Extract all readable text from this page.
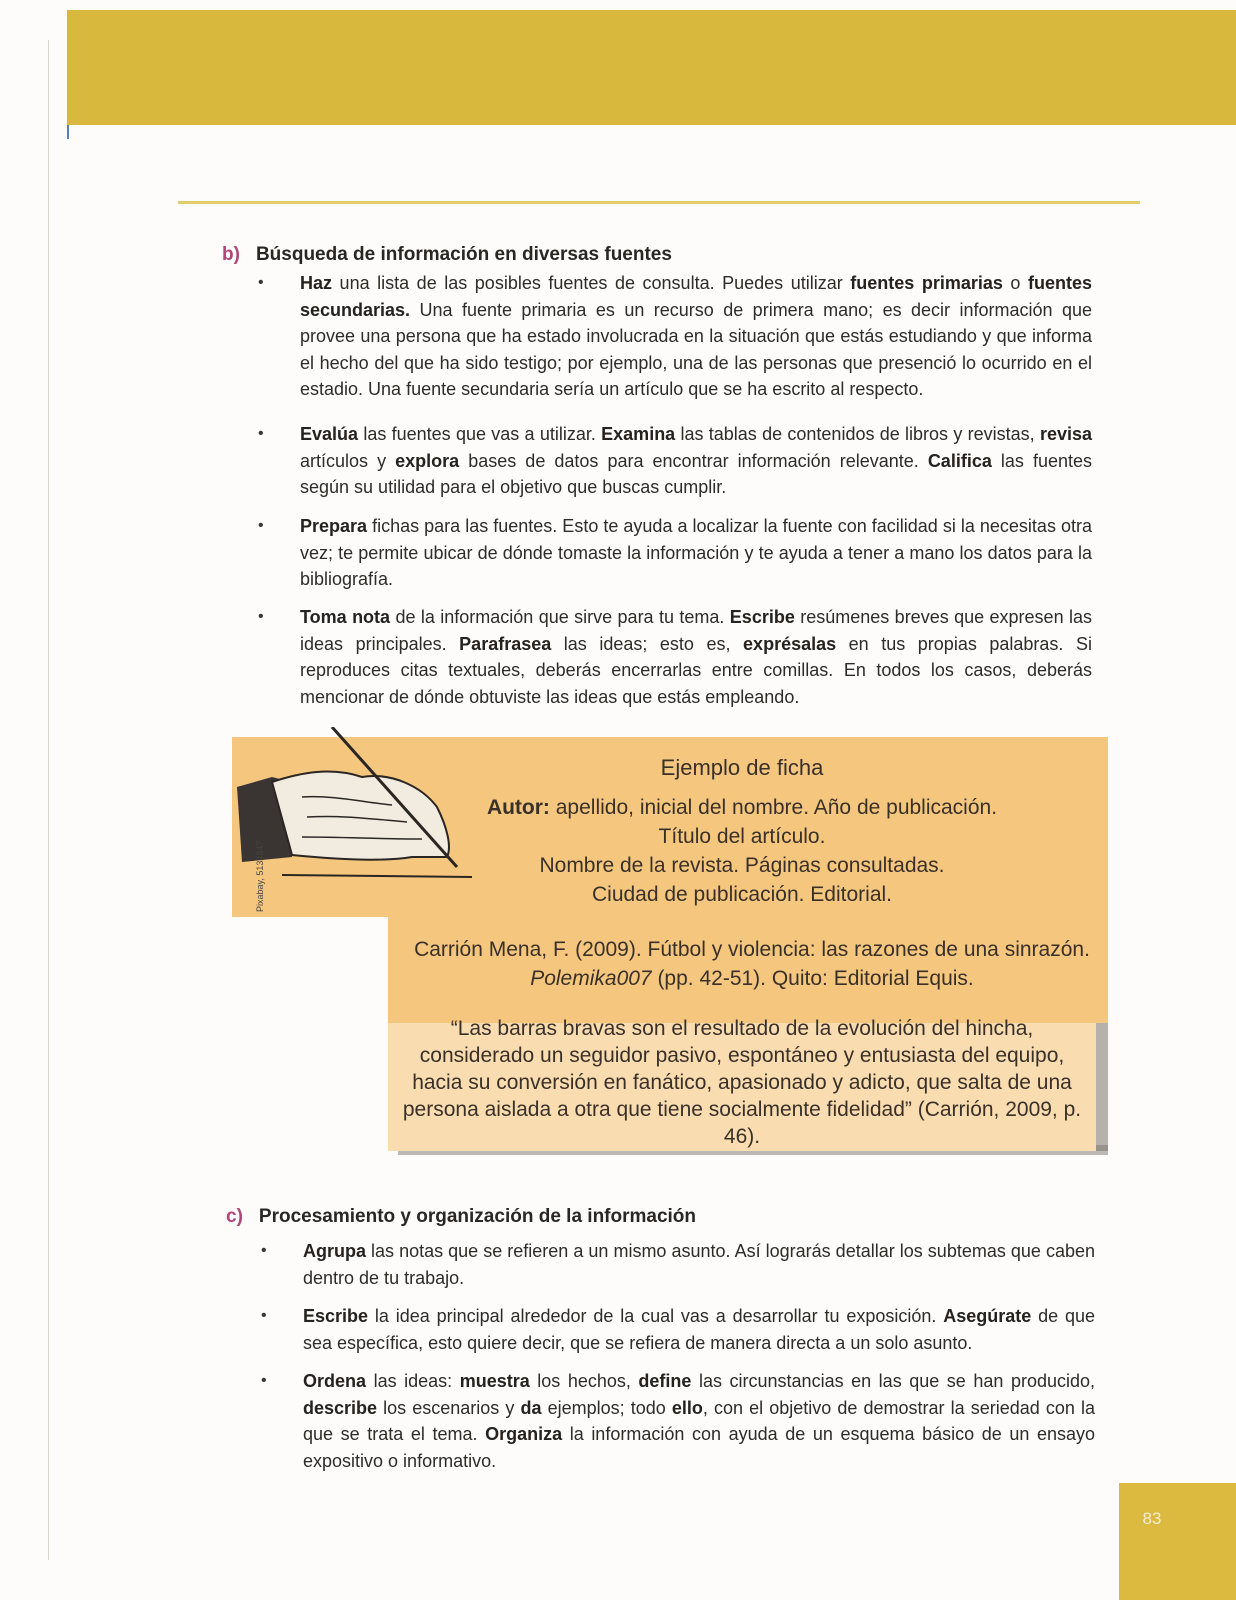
b) Búsqueda de información en diversas fuentes
• Haz una lista de las posibles fuentes de consulta. Puedes utilizar fuentes primarias o fuentes secundarias. Una fuente primaria es un recurso de primera mano; es decir información que provee una persona que ha estado involucrada en la situación que estás estudiando y que informa el hecho del que ha sido testigo; por ejemplo, una de las personas que presenció lo ocurrido en el estadio. Una fuente secundaria sería un artículo que se ha escrito al respecto.
• Evalúa las fuentes que vas a utilizar. Examina las tablas de contenidos de libros y revistas, revisa artículos y explora bases de datos para encontrar información relevante. Califica las fuentes según su utilidad para el objetivo que buscas cumplir.
• Prepara fichas para las fuentes. Esto te ayuda a localizar la fuente con facilidad si la necesitas otra vez; te permite ubicar de dónde tomaste la información y te ayuda a tener a mano los datos para la bibliografía.
• Toma nota de la información que sirve para tu tema. Escribe resúmenes breves que expresen las ideas principales. Parafrasea las ideas; esto es, exprésalas en tus propias palabras. Si reproduces citas textuales, deberás encerrarlas entre comillas. En todos los casos, deberás mencionar de dónde obtuviste las ideas que estás empleando.
Pixabay, 5134847
Ejemplo de ficha
Autor: apellido, inicial del nombre. Año de publicación.
Título del artículo.
Nombre de la revista. Páginas consultadas.
Ciudad de publicación. Editorial.
Carrión Mena, F. (2009). Fútbol y violencia: las razones de una sinrazón.
Polemika007 (pp. 42-51). Quito: Editorial Equis.
“Las barras bravas son el resultado de la evolución del hincha, considerado un seguidor pasivo, espontáneo y entusiasta del equipo, hacia su conversión en fanático, apasionado y adicto, que salta de una persona aislada a otra que tiene socialmente fidelidad” (Carrión, 2009, p. 46).
c) Procesamiento y organización de la información
• Agrupa las notas que se refieren a un mismo asunto. Así lograrás detallar los subtemas que caben dentro de tu trabajo.
• Escribe la idea principal alrededor de la cual vas a desarrollar tu exposición. Asegúrate de que sea específica, esto quiere decir, que se refiera de manera directa a un solo asunto.
• Ordena las ideas: muestra los hechos, define las circunstancias en las que se han producido, describe los escenarios y da ejemplos; todo ello, con el objetivo de demostrar la seriedad con la que se trata el tema. Organiza la información con ayuda de un esquema básico de un ensayo expositivo o informativo.
83
